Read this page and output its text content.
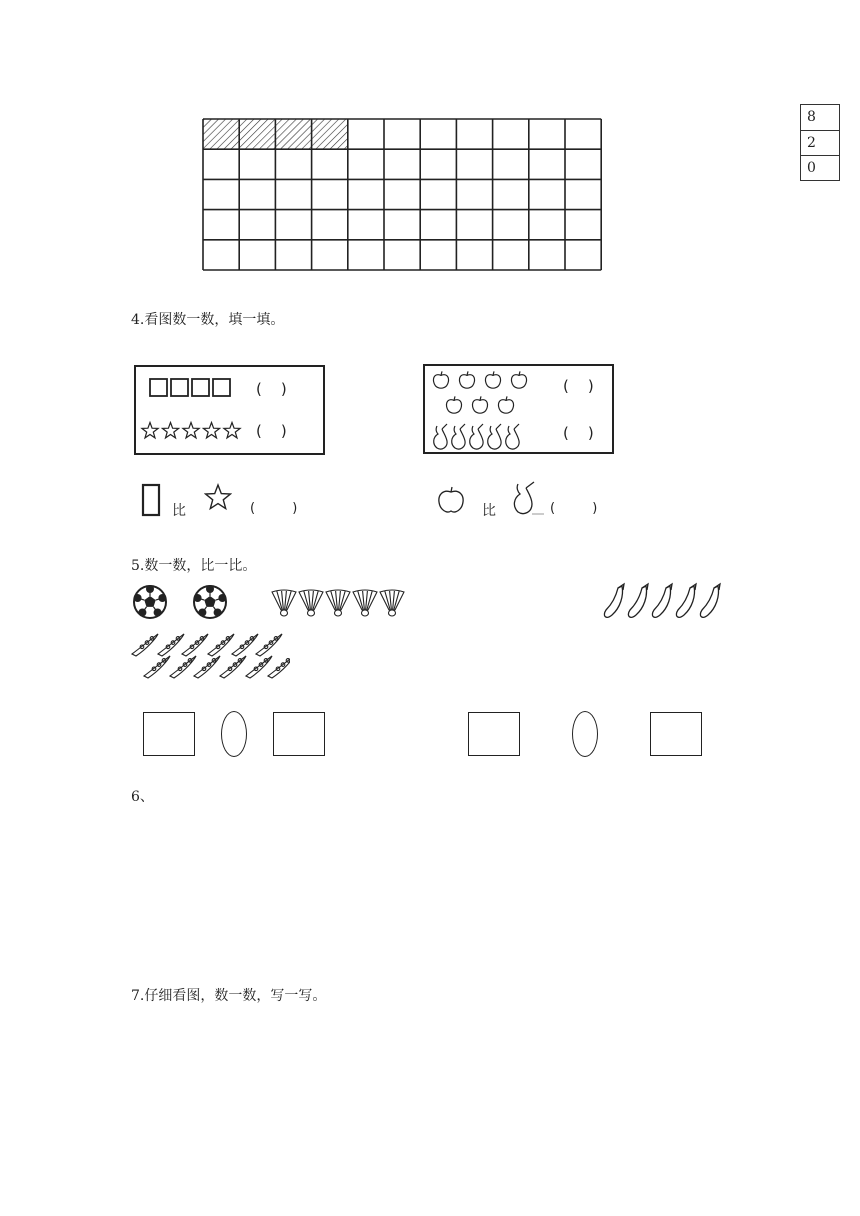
8
2
0
4.看图数一数，填一填。
(    )
(    )
(    )
(    )
比	(         )	比	(         )
5.数一数，比一比。
6、
7.仔细看图，数一数，写一写。
